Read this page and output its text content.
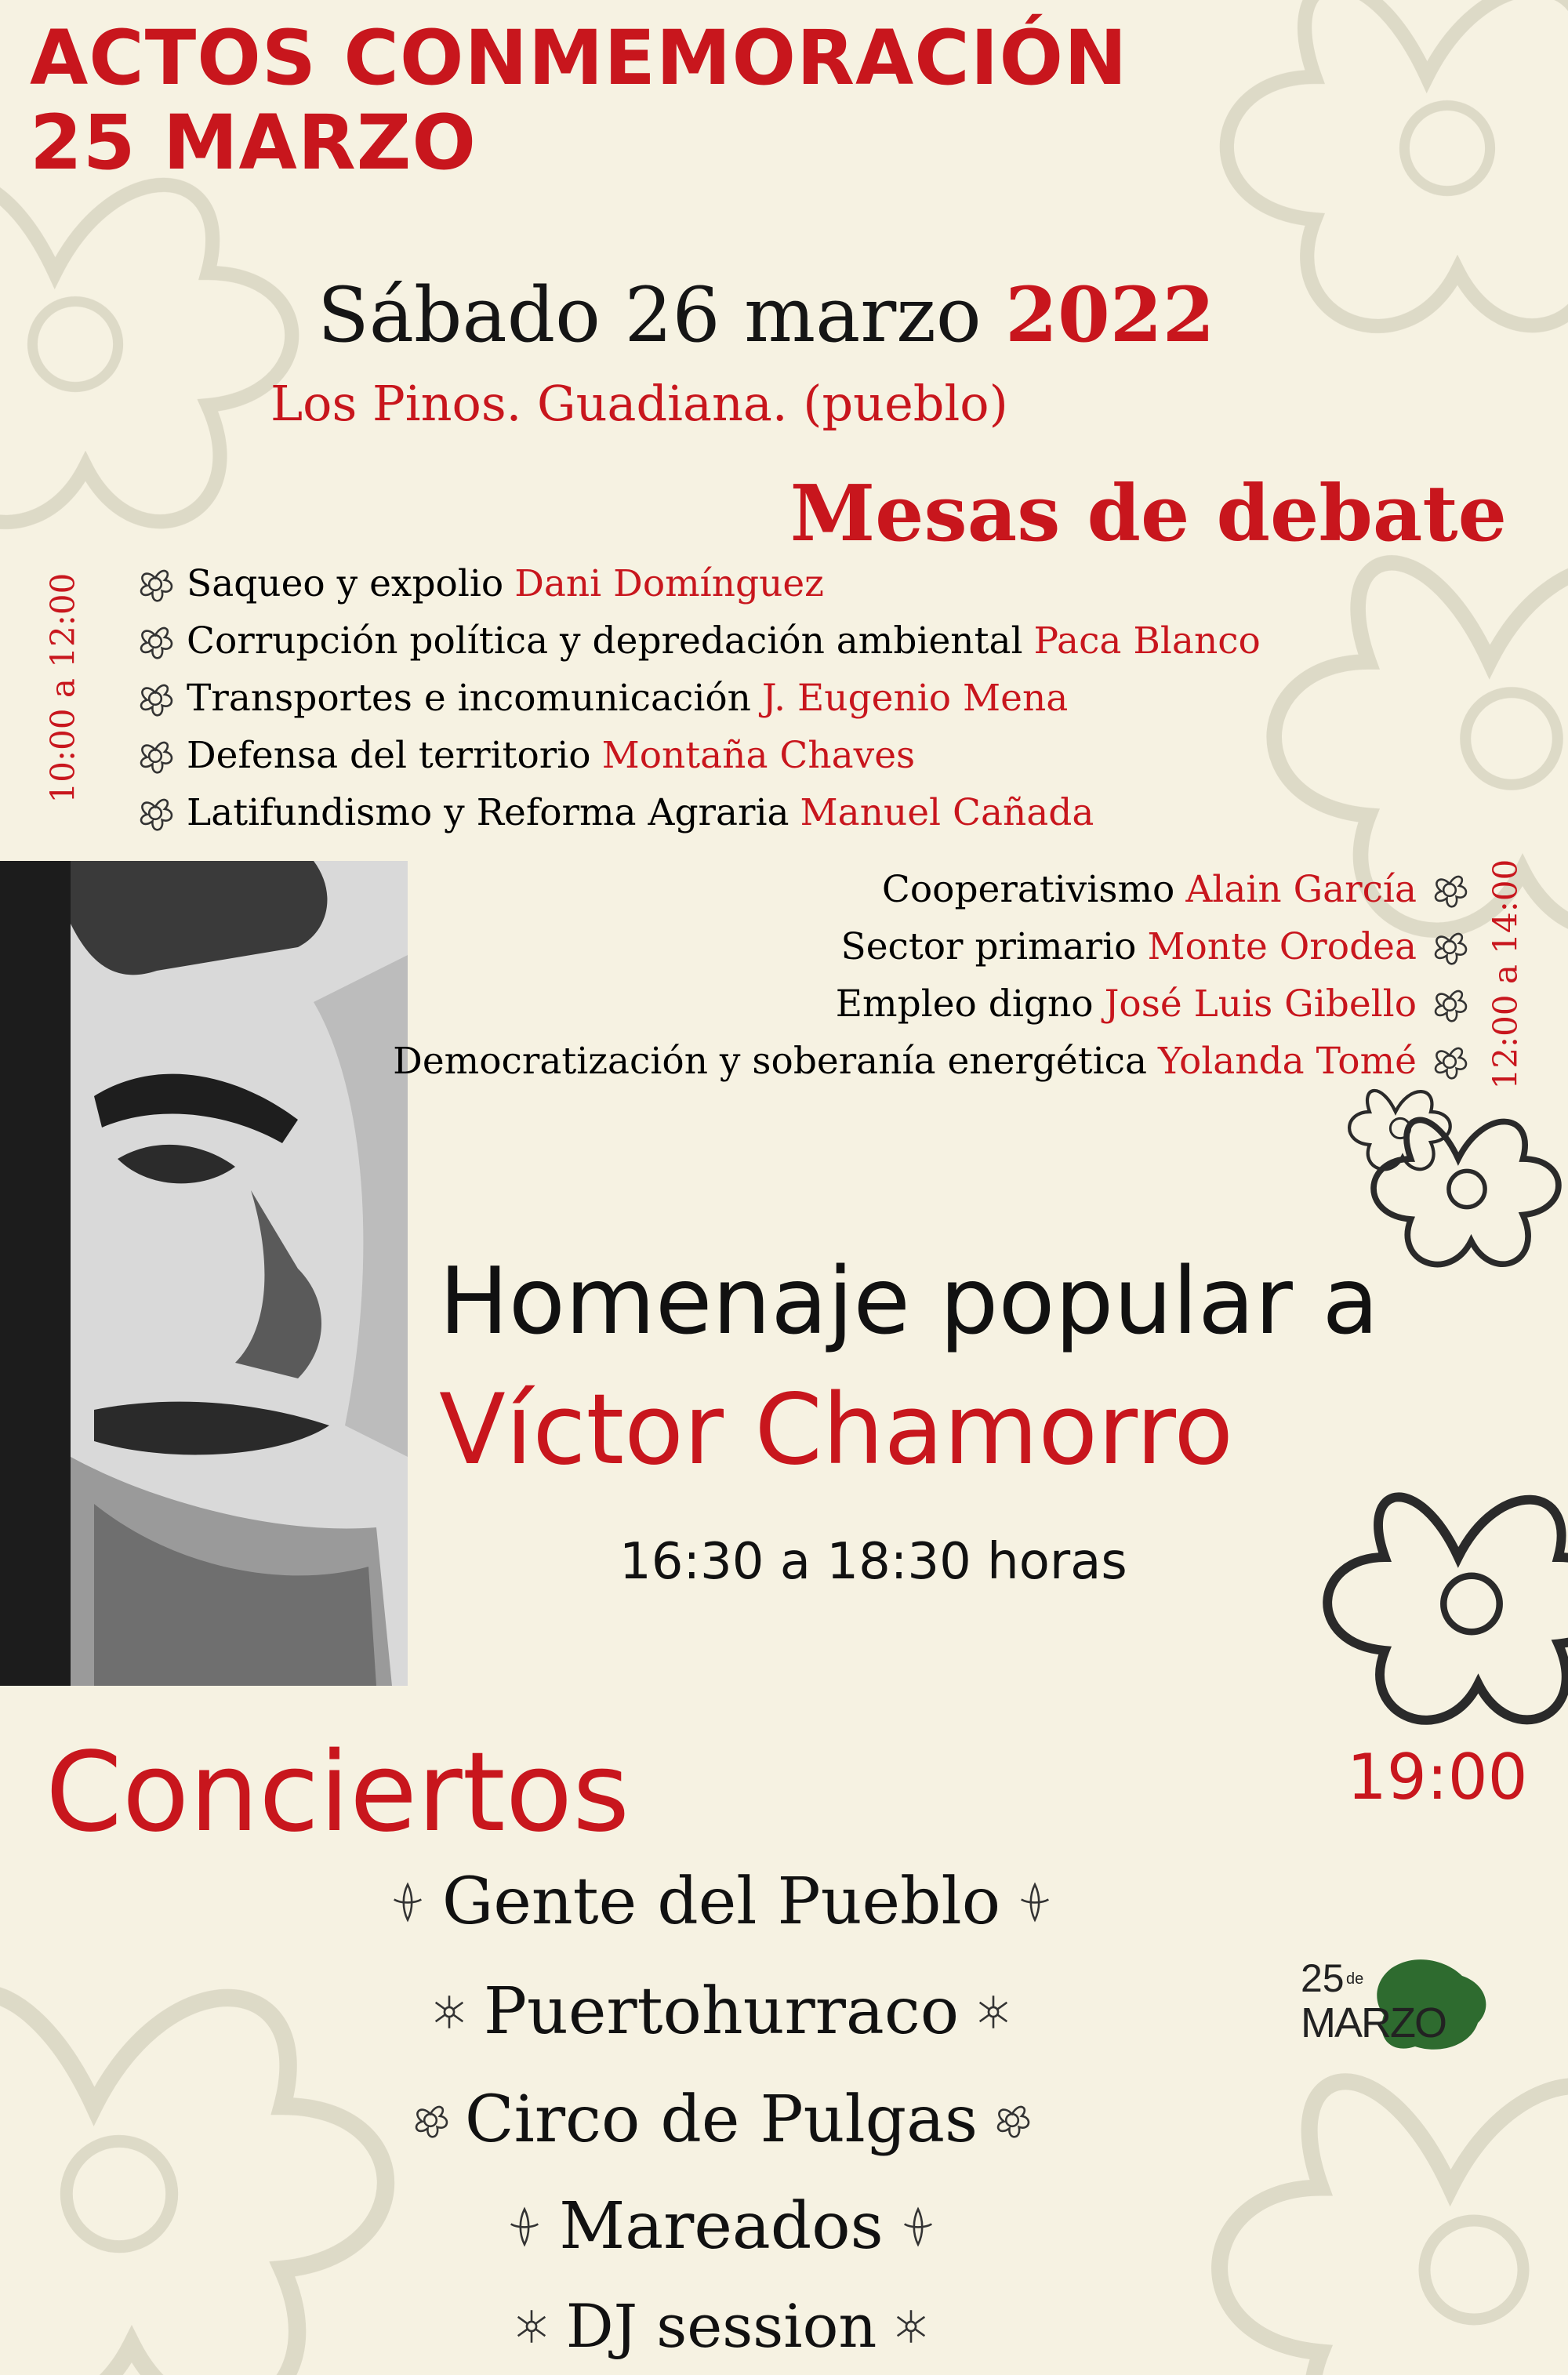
ACTOS CONMEMORACIÓN
25 MARZO
Sábado 26 marzo 2022
Los Pinos. Guadiana. (pueblo)
Mesas de debate
10:00 a 12:00	Saqueo y expolio Dani Domínguez
Corrupción política y depredación ambiental Paca Blanco
Transportes e incomunicación J. Eugenio Mena
Defensa del territorio Montaña Chaves
Latifundismo y Reforma Agraria Manuel Cañada
Cooperativismo Alain García
Sector primario Monte Orodea
Empleo digno José Luis Gibello
Democratización y soberanía energética Yolanda Tomé 12:00 a 14:00
Homenaje popular a
Víctor Chamorro
16:30 a 18:30 horas
Conciertos	19:00
Gente del Pueblo
Puertohurraco
Circo de Pulgas
Mareados
DJ session
25 de
MARZO
